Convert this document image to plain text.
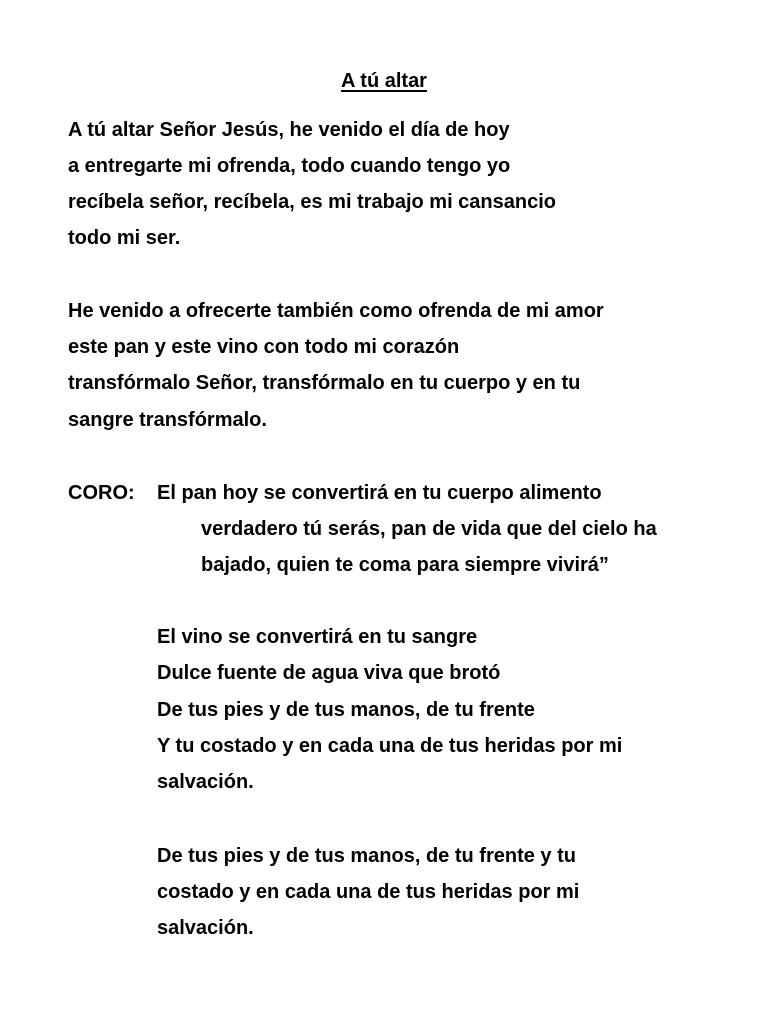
A tú altar
A tú altar Señor Jesús, he venido el día de hoy
a entregarte mi ofrenda, todo cuando tengo yo
recíbela señor, recíbela, es mi trabajo mi cansancio
todo mi ser.
He venido a ofrecerte también como ofrenda de mi amor
este pan y este vino con todo mi corazón
transfórmalo Señor, transfórmalo en tu cuerpo y en tu
sangre transfórmalo.
CORO: El pan hoy se convertirá en tu cuerpo alimento
verdadero tú serás, pan de vida que del cielo ha
bajado, quien te coma para siempre vivirá”
El vino se convertirá en tu sangre
Dulce fuente de agua viva que brotó
De tus pies y de tus manos, de tu frente
Y tu costado y en cada una de tus heridas por mi
salvación.
De tus pies y de tus manos, de tu frente y tu
costado y en cada una de tus heridas por mi
salvación.
